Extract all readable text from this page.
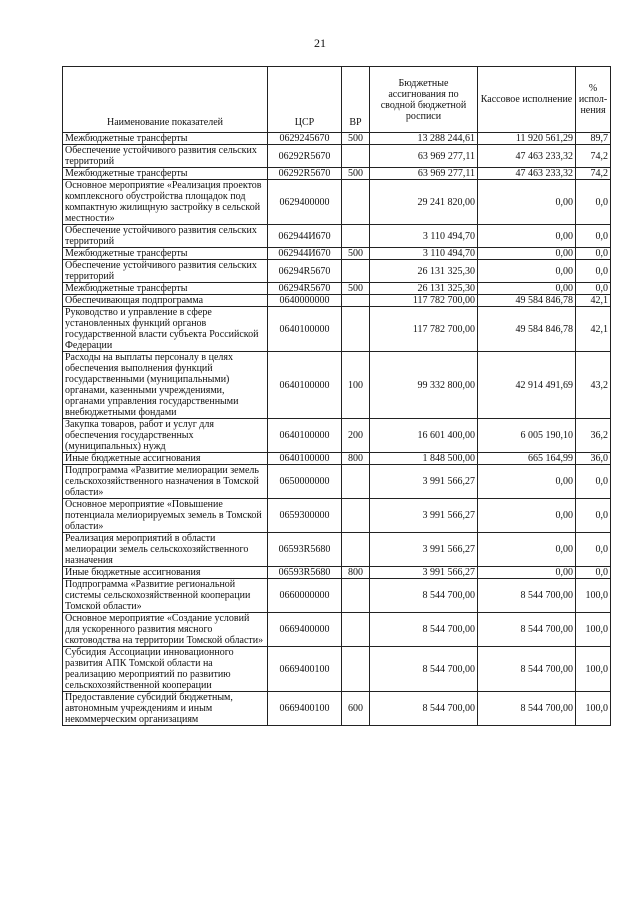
21
Наименование показателей	ЦСР	ВР	Бюджетные ассигнования по сводной бюджетной росписи	Кассовое исполнение	% испол-нения
Межбюджетные трансферты	0629245670	500	13 288 244,61	11 920 561,29	89,7
Обеспечение устойчивого развития сельских территорий	06292R5670		63 969 277,11	47 463 233,32	74,2
Межбюджетные трансферты	06292R5670	500	63 969 277,11	47 463 233,32	74,2
Основное мероприятие «Реализация проектов комплексного обустройства площадок под компактную жилищную застройку в сельской местности»	0629400000		29 241 820,00	0,00	0,0
Обеспечение устойчивого развития сельских территорий	062944И670		3 110 494,70	0,00	0,0
Межбюджетные трансферты	062944И670	500	3 110 494,70	0,00	0,0
Обеспечение устойчивого развития сельских территорий	06294R5670		26 131 325,30	0,00	0,0
Межбюджетные трансферты	06294R5670	500	26 131 325,30	0,00	0,0
Обеспечивающая подпрограмма	0640000000		117 782 700,00	49 584 846,78	42,1
Руководство и управление в сфере установленных функций органов государственной власти субъекта Российской Федерации	0640100000		117 782 700,00	49 584 846,78	42,1
Расходы на выплаты персоналу в целях обеспечения выполнения функций государственными (муниципальными) органами, казенными учреждениями, органами управления государственными внебюджетными фондами	0640100000	100	99 332 800,00	42 914 491,69	43,2
Закупка товаров, работ и услуг для обеспечения государственных (муниципальных) нужд	0640100000	200	16 601 400,00	6 005 190,10	36,2
Иные бюджетные ассигнования	0640100000	800	1 848 500,00	665 164,99	36,0
Подпрограмма «Развитие мелиорации земель сельскохозяйственного назначения в Томской области»	0650000000		3 991 566,27	0,00	0,0
Основное мероприятие «Повышение потенциала мелиорируемых земель в Томской области»	0659300000		3 991 566,27	0,00	0,0
Реализация мероприятий в области мелиорации земель сельскохозяйственного назначения	06593R5680		3 991 566,27	0,00	0,0
Иные бюджетные ассигнования	06593R5680	800	3 991 566,27	0,00	0,0
Подпрограмма «Развитие региональной системы сельскохозяйственной кооперации Томской области»	0660000000		8 544 700,00	8 544 700,00	100,0
Основное мероприятие «Создание условий для ускоренного развития мясного скотоводства на территории Томской области»	0669400000		8 544 700,00	8 544 700,00	100,0
Субсидия Ассоциации инновационного развития АПК Томской области на реализацию мероприятий по развитию сельскохозяйственной кооперации	0669400100		8 544 700,00	8 544 700,00	100,0
Предоставление субсидий бюджетным, автономным учреждениям и иным некоммерческим организациям	0669400100	600	8 544 700,00	8 544 700,00	100,0
